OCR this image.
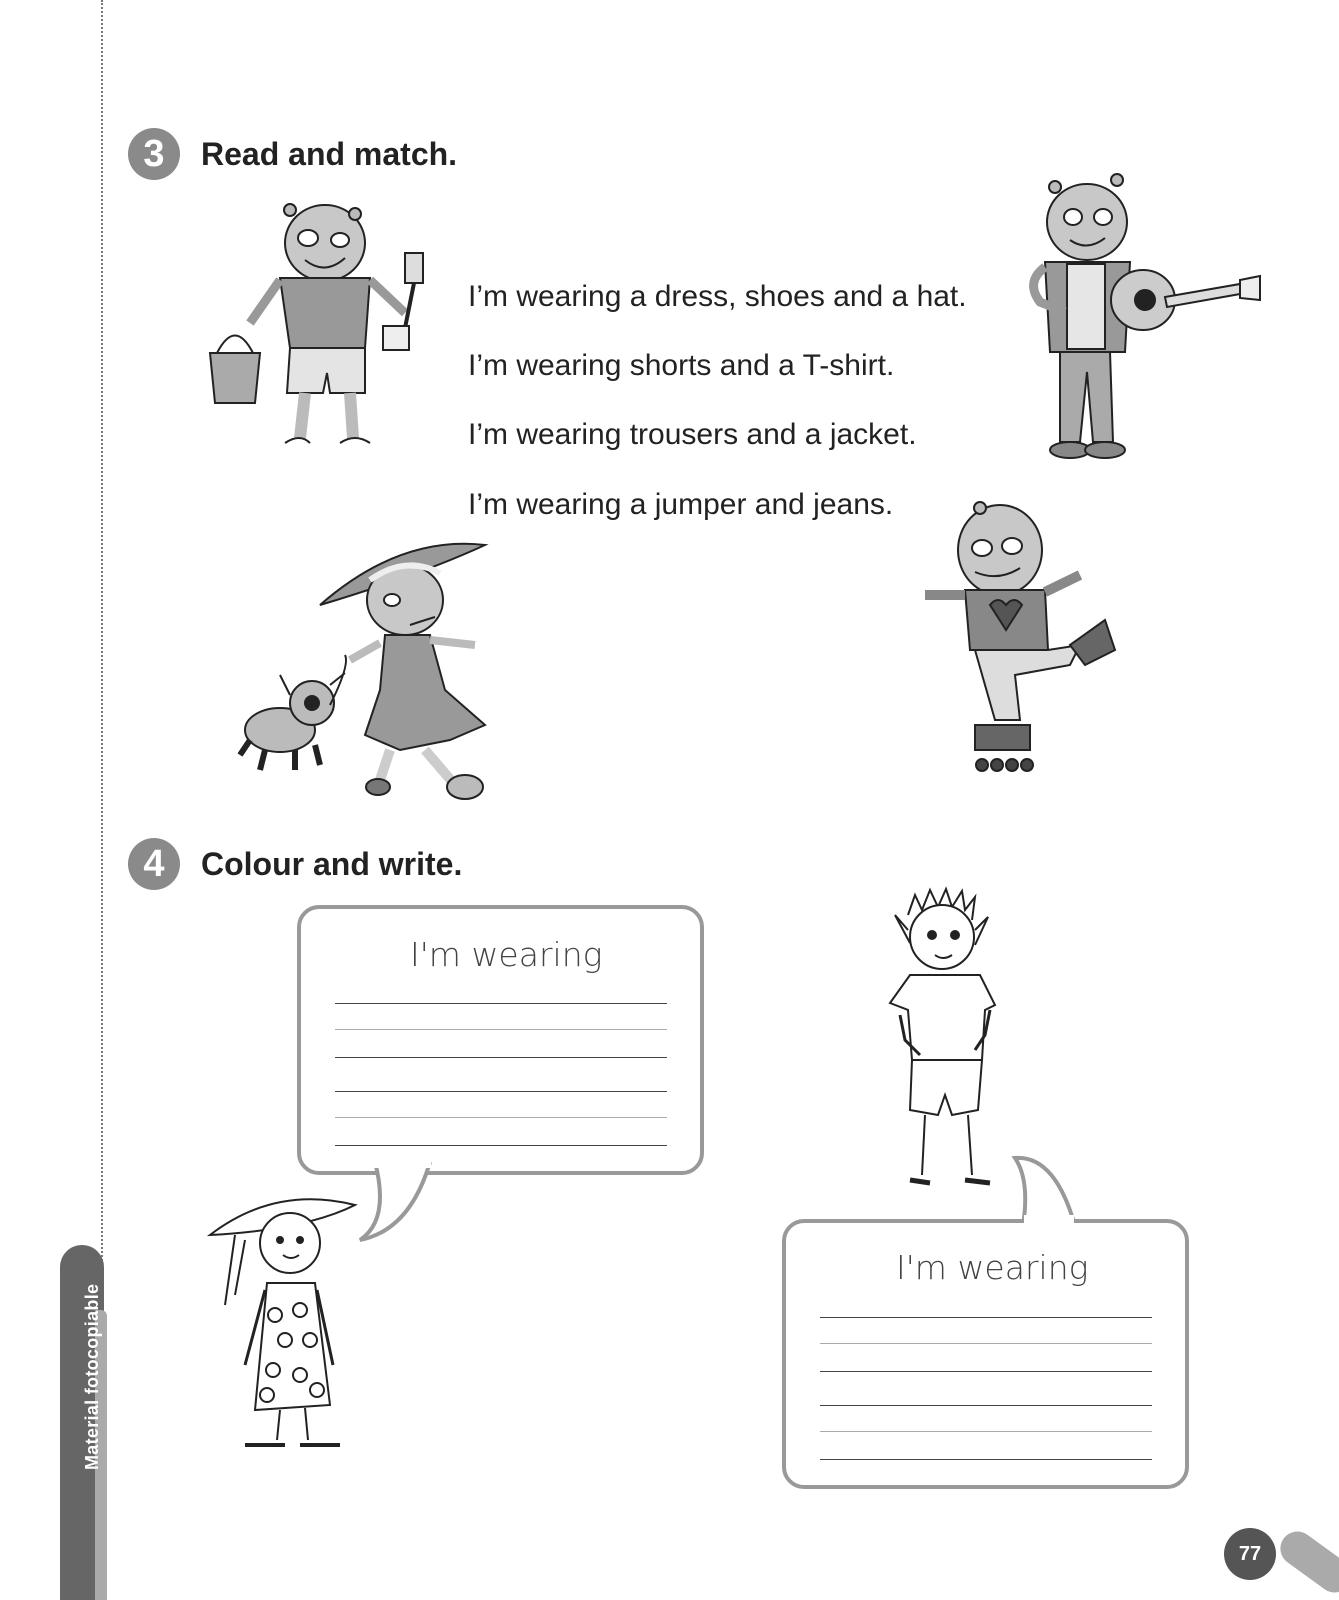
Material fotocopiable
3	Read and match.
I’m wearing a dress, shoes and a hat.
I’m wearing shorts and a T-shirt.
I’m wearing trousers and a jacket.
I’m wearing a jumper and jeans.
4	Colour and write.
I'm wearing
I'm wearing
77
